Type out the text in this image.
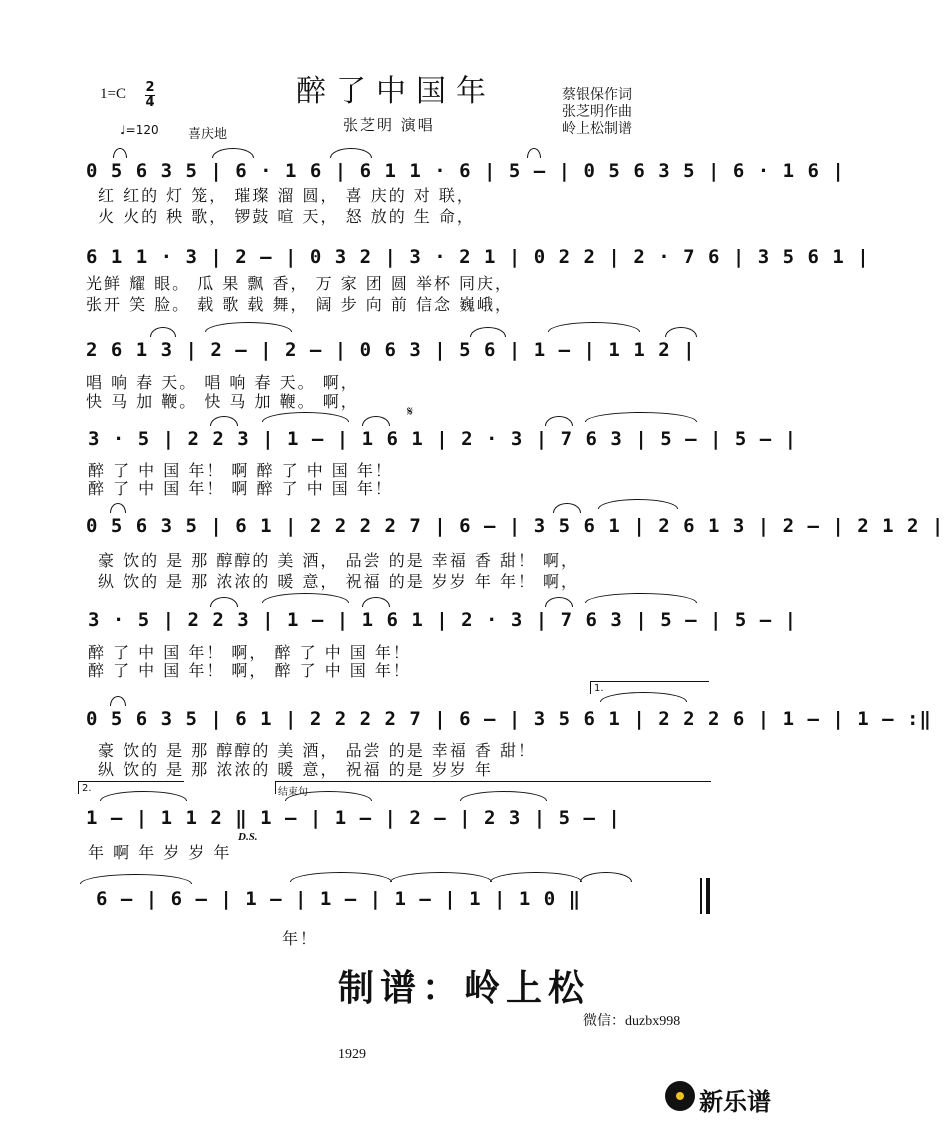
1=C 2
4	醉了中国年
张芝明 演唱
蔡银保作词
张芝明作曲
岭上松制谱
♩=120 喜庆地
0 5 6 3 5 | 6 · 1 6 | 6 1 1 · 6 | 5 – | 0 5 6 3 5 | 6 · 1 6 |
红 红的 灯 笼， 璀璨 溜 圆， 喜 庆的 对 联，
火 火的 秧 歌， 锣鼓 喧 天， 怒 放的 生 命，
6 1 1 · 3 | 2 – | 0 3 2 | 3 · 2 1 | 0 2 2 | 2 · 7 6 | 3 5 6 1 |
光鲜 耀 眼。 瓜 果 飘 香， 万 家 团 圆 举杯 同庆，
张开 笑 脸。 载 歌 载 舞， 阔 步 向 前 信念 巍峨，
2 6 1 3 | 2 – | 2 – | 0 6 3 | 5 6 | 1 – | 1 1 2 |
唱 响 春 天。 唱 响 春 天。 啊，
快 马 加 鞭。 快 马 加 鞭。 啊，
𝄋
3 · 5 | 2 2 3 | 1 – | 1 6 1 | 2 · 3 | 7 6 3 | 5 – | 5 – |
醉 了 中 国 年！ 啊 醉 了 中 国 年！
醉 了 中 国 年！ 啊 醉 了 中 国 年！
0 5 6 3 5 | 6 1 | 2 2 2 2 7 | 6 – | 3 5 6 1 | 2 6 1 3 | 2 – | 2 1 2 |
豪 饮的 是 那 醇醇的 美 酒， 品尝 的是 幸福 香 甜！ 啊，
纵 饮的 是 那 浓浓的 暖 意， 祝福 的是 岁岁 年 年！ 啊，
3 · 5 | 2 2 3 | 1 – | 1 6 1 | 2 · 3 | 7 6 3 | 5 – | 5 – |
醉 了 中 国 年！ 啊， 醉 了 中 国 年！
醉 了 中 国 年！ 啊， 醉 了 中 国 年！
1.
0 5 6 3 5 | 6 1 | 2 2 2 2 7 | 6 – | 3 5 6 1 | 2 2 2 6 | 1 – | 1 – :‖
豪 饮的 是 那 醇醇的 美 酒， 品尝 的是 幸福 香 甜！
纵 饮的 是 那 浓浓的 暖 意， 祝福 的是 岁岁 年
2.	结束句
1 – | 1 1 2 ‖ 1 – | 1 – | 2 – | 2 3 | 5 – |
D.S.
年 啊 年 岁 岁 年
6 – | 6 – | 1 – | 1 – | 1 – | 1 | 1 0 ‖
年！
制谱：岭上松
微信：duzbx998
1929
新乐谱
